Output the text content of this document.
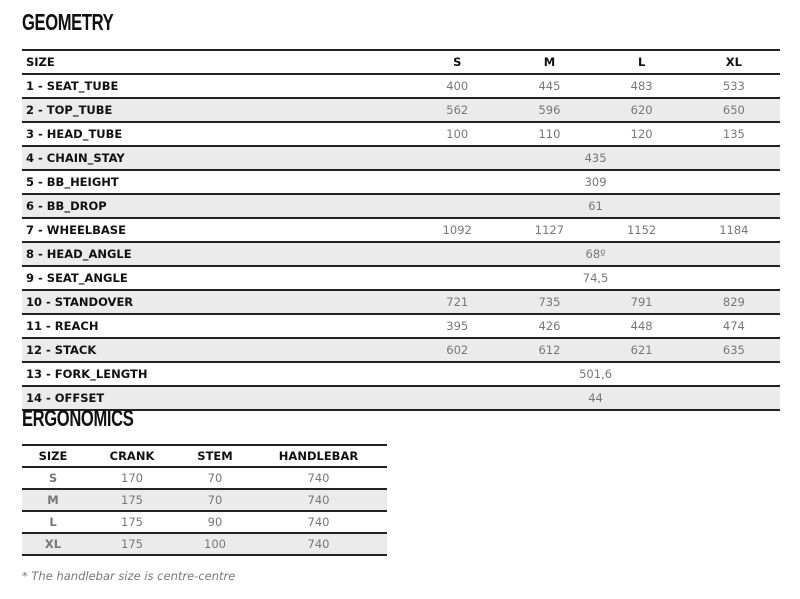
GEOMETRY
SIZE	S	M	L	XL
1 - SEAT_TUBE	400	445	483	533
2 - TOP_TUBE	562	596	620	650
3 - HEAD_TUBE	100	110	120	135
4 - CHAIN_STAY	435			
5 - BB_HEIGHT	309			
6 - BB_DROP	61			
7 - WHEELBASE	1092	1127	1152	1184
8 - HEAD_ANGLE	68º			
9 - SEAT_ANGLE	74,5			
10 - STANDOVER	721	735	791	829
11 - REACH	395	426	448	474
12 - STACK	602	612	621	635
13 - FORK_LENGTH	501,6			
14 - OFFSET	44			
ERGONOMICS
SIZE	CRANK	STEM	HANDLEBAR
S	170	70	740
M	175	70	740
L	175	90	740
XL	175	100	740
* The handlebar size is centre-centre
